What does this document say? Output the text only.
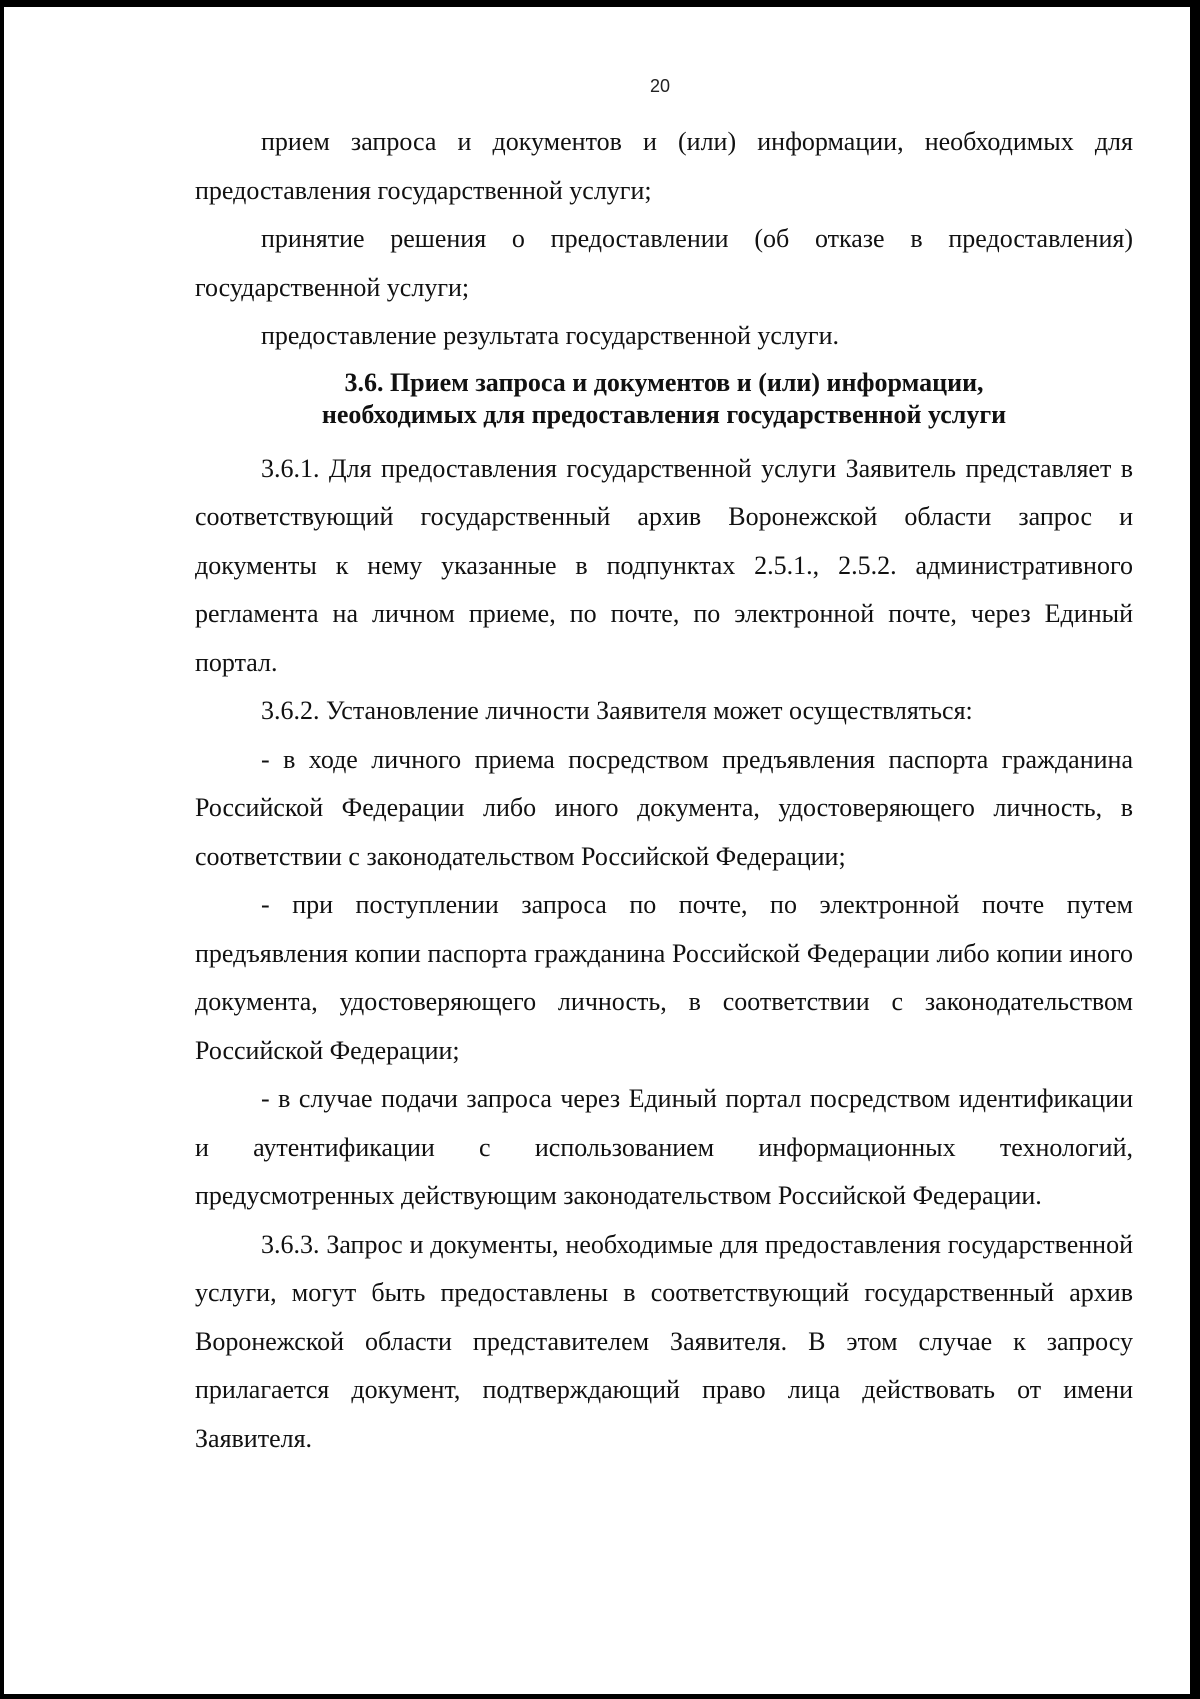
20

прием запроса и документов и (или) информации, необходимых для предоставления государственной услуги;

принятие решения о предоставлении (об отказе в предоставления) государственной услуги;

предоставление результата государственной услуги.

3.6. Прием запроса и документов и (или) информации,
необходимых для предоставления государственной услуги

3.6.1. Для предоставления государственной услуги Заявитель представляет в соответствующий государственный архив Воронежской области запрос и документы к нему указанные в подпунктах 2.5.1., 2.5.2. административного регламента на личном приеме, по почте, по электронной почте, через Единый портал.

3.6.2. Установление личности Заявителя может осуществляться:

- в ходе личного приема посредством предъявления паспорта гражданина Российской Федерации либо иного документа, удостоверяющего личность, в соответствии с законодательством Российской Федерации;

- при поступлении запроса по почте, по электронной почте путем предъявления копии паспорта гражданина Российской Федерации либо копии иного документа, удостоверяющего личность, в соответствии с законодательством Российской Федерации;

- в случае подачи запроса через Единый портал посредством идентификации и аутентификации с использованием информационных технологий, предусмотренных действующим законодательством Российской Федерации.

3.6.3. Запрос и документы, необходимые для предоставления государственной услуги, могут быть предоставлены в соответствующий государственный архив Воронежской области представителем Заявителя. В этом случае к запросу прилагается документ, подтверждающий право лица действовать от имени Заявителя.
